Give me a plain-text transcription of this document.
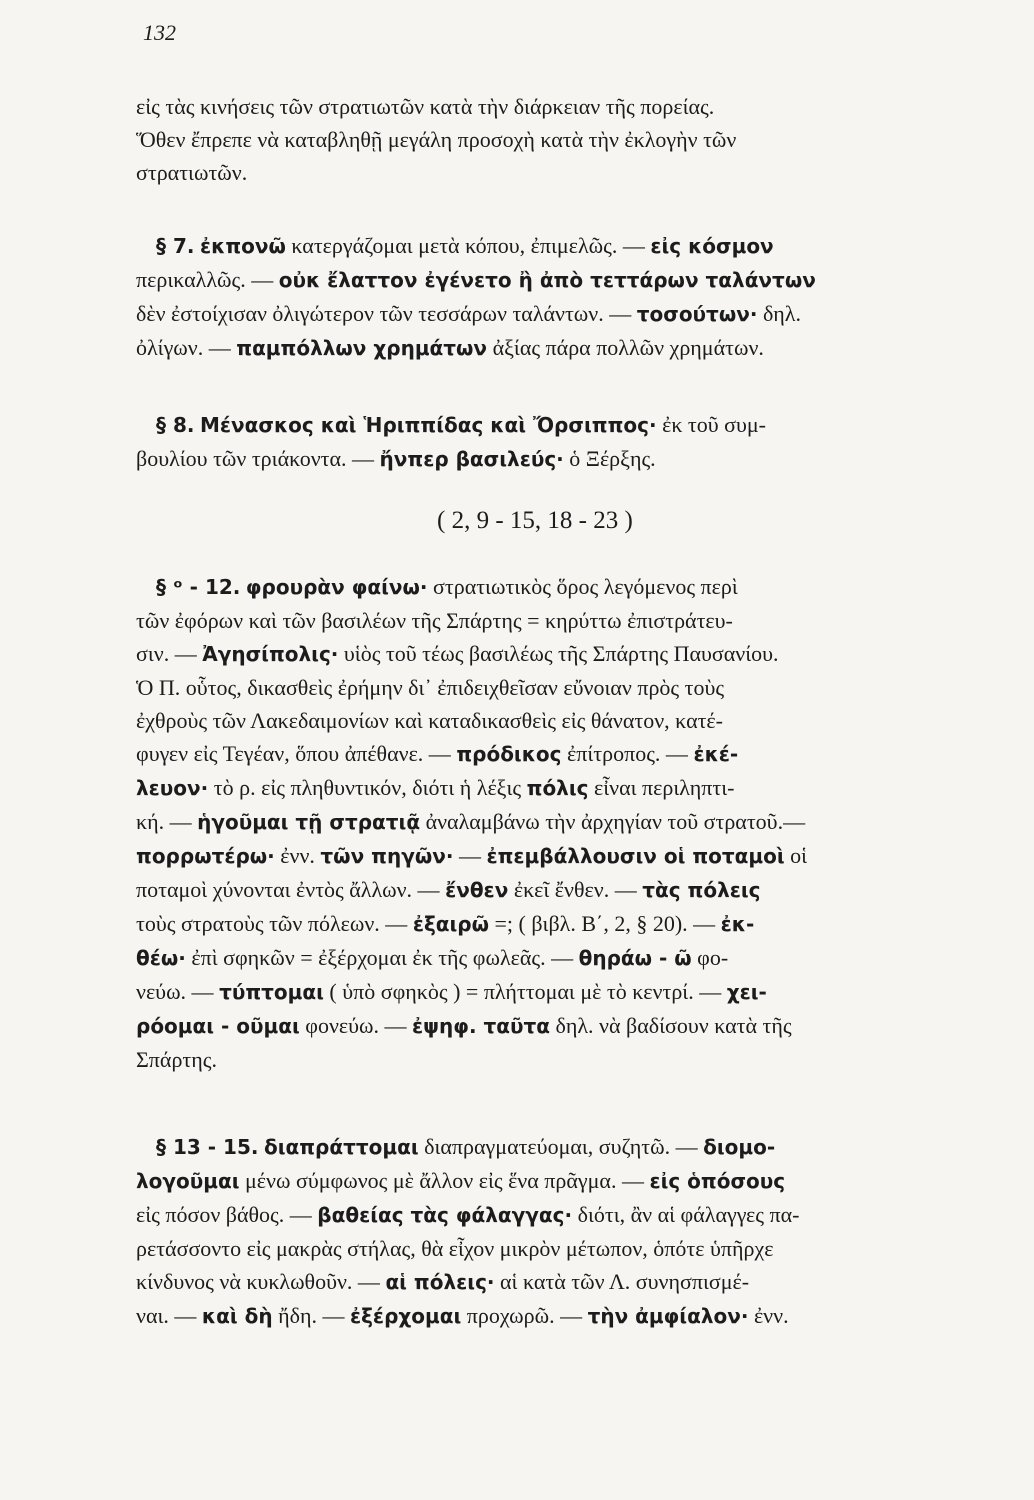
132
εἰς τὰς κινήσεις τῶν στρατιωτῶν κατὰ τὴν διάρκειαν τῆς πορείας.
Ὅθεν ἔπρεπε νὰ καταβληθῇ μεγάλη προσοχὴ κατὰ τὴν ἐκλογὴν τῶν
στρατιωτῶν.
§ 7. ἐκπονῶ κατεργάζομαι μετὰ κόπου, ἐπιμελῶς. — εἰς κόσμον
περικαλλῶς. — οὐκ ἔλαττον ἐγένετο ἢ ἀπὸ τεττάρων ταλάντων
δὲν ἐστοίχισαν ὀλιγώτερον τῶν τεσσάρων ταλάντων. — τοσούτων· δηλ.
ὀλίγων. — παμπόλλων χρημάτων ἀξίας πάρα πολλῶν χρημάτων.
§ 8. Μένασκος καὶ Ἡριππίδας καὶ Ὄρσιππος· ἐκ τοῦ συμ-
βουλίου τῶν τριάκοντα. — ἤνπερ βασιλεύς· ὁ Ξέρξης.
( 2, 9 - 15, 18 - 23 )
§ ᵒ - 12. φρουρὰν φαίνω· στρατιωτικὸς ὅρος λεγόμενος περὶ
τῶν ἐφόρων καὶ τῶν βασιλέων τῆς Σπάρτης = κηρύττω ἐπιστράτευ-
σιν. — Ἀγησίπολις· υἱὸς τοῦ τέως βασιλέως τῆς Σπάρτης Παυσανίου.
Ὁ Π. οὗτος, δικασθεὶς ἐρήμην δι᾽ ἐπιδειχθεῖσαν εὔνοιαν πρὸς τοὺς
ἐχθροὺς τῶν Λακεδαιμονίων καὶ καταδικασθεὶς εἰς θάνατον, κατέ-
φυγεν εἰς Τεγέαν, ὅπου ἀπέθανε. — πρόδικος ἐπίτροπος. — ἐκέ-
λευον· τὸ ρ. εἰς πληθυντικόν, διότι ἡ λέξις πόλις εἶναι περιληπτι-
κή. — ἡγοῦμαι τῇ στρατιᾷ ἀναλαμβάνω τὴν ἀρχηγίαν τοῦ στρατοῦ.—
πορρωτέρω· ἐνν. τῶν πηγῶν· — ἐπεμβάλλουσιν οἱ ποταμοὶ οἱ
ποταμοὶ χύνονται ἐντὸς ἄλλων. — ἔνθεν ἐκεῖ ἔνθεν. — τὰς πόλεις
τοὺς στρατοὺς τῶν πόλεων. — ἐξαιρῶ =; ( βιβλ. Β΄, 2, § 20). — ἐκ-
θέω· ἐπὶ σφηκῶν = ἐξέρχομαι ἐκ τῆς φωλεᾶς. — θηράω - ῶ φο-
νεύω. — τύπτομαι ( ὑπὸ σφηκὸς ) = πλήττομαι μὲ τὸ κεντρί. — χει-
ρόομαι - οῦμαι φονεύω. — ἐψηφ. ταῦτα δηλ. νὰ βαδίσουν κατὰ τῆς
Σπάρτης.
§ 13 - 15. διαπράττομαι διαπραγματεύομαι, συζητῶ. — διομο-
λογοῦμαι μένω σύμφωνος μὲ ἄλλον εἰς ἕνα πρᾶγμα. — εἰς ὁπόσους
εἰς πόσον βάθος. — βαθείας τὰς φάλαγγας· διότι, ἂν αἱ φάλαγγες πα-
ρετάσσοντο εἰς μακρὰς στήλας, θὰ εἶχον μικρὸν μέτωπον, ὁπότε ὑπῆρχε
κίνδυνος νὰ κυκλωθοῦν. — αἱ πόλεις· αἱ κατὰ τῶν Λ. συνησπισμέ-
ναι. — καὶ δὴ ἤδη. — ἐξέρχομαι προχωρῶ. — τὴν ἀμφίαλον· ἐνν.
